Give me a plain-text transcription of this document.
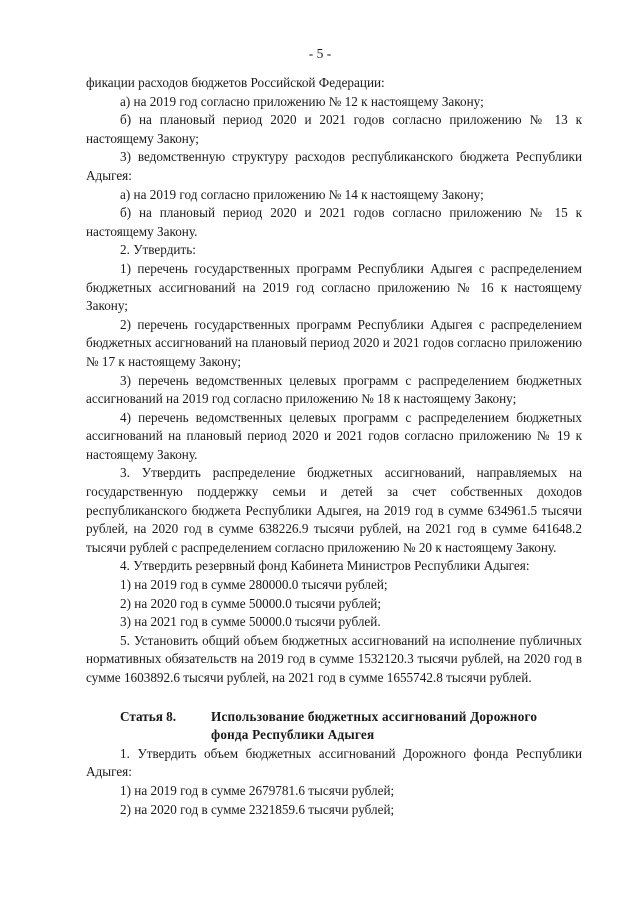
- 5 -

фикации расходов бюджетов Российской Федерации:

а) на 2019 год согласно приложению № 12 к настоящему Закону;

б) на плановый период 2020 и 2021 годов согласно приложению № 13 к настоящему Закону;

3) ведомственную структуру расходов республиканского бюджета Республики Адыгея:

а) на 2019 год согласно приложению № 14 к настоящему Закону;

б) на плановый период 2020 и 2021 годов согласно приложению № 15 к настоящему Закону.

2. Утвердить:

1) перечень государственных программ Республики Адыгея с распределением бюджетных ассигнований на 2019 год согласно приложению № 16 к настоящему Закону;

2) перечень государственных программ Республики Адыгея с распределением бюджетных ассигнований на плановый период 2020 и 2021 годов согласно приложению № 17 к настоящему Закону;

3) перечень ведомственных целевых программ с распределением бюджетных ассигнований на 2019 год согласно приложению № 18 к настоящему Закону;

4) перечень ведомственных целевых программ с распределением бюджетных ассигнований на плановый период 2020 и 2021 годов согласно приложению № 19 к настоящему Закону.

3. Утвердить распределение бюджетных ассигнований, направляемых на государственную поддержку семьи и детей за счет собственных доходов республиканского бюджета Республики Адыгея, на 2019 год в сумме 634961.5 тысячи рублей, на 2020 год в сумме 638226.9 тысячи рублей, на 2021 год в сумме 641648.2 тысячи рублей с распределением согласно приложению № 20 к настоящему Закону.

4. Утвердить резервный фонд Кабинета Министров Республики Адыгея:

1) на 2019 год в сумме 280000.0 тысячи рублей;

2) на 2020 год в сумме 50000.0 тысячи рублей;

3) на 2021 год в сумме 50000.0 тысячи рублей.

5. Установить общий объем бюджетных ассигнований на исполнение публичных нормативных обязательств на 2019 год в сумме 1532120.3 тысячи рублей, на 2020 год в сумме 1603892.6 тысячи рублей, на 2021 год в сумме 1655742.8 тысячи рублей.

Статья 8.	Использование бюджетных ассигнований Дорожного
фонда Республики Адыгея

1. Утвердить объем бюджетных ассигнований Дорожного фонда Республики Адыгея:

1) на 2019 год в сумме 2679781.6 тысячи рублей;

2) на 2020 год в сумме 2321859.6 тысячи рублей;
